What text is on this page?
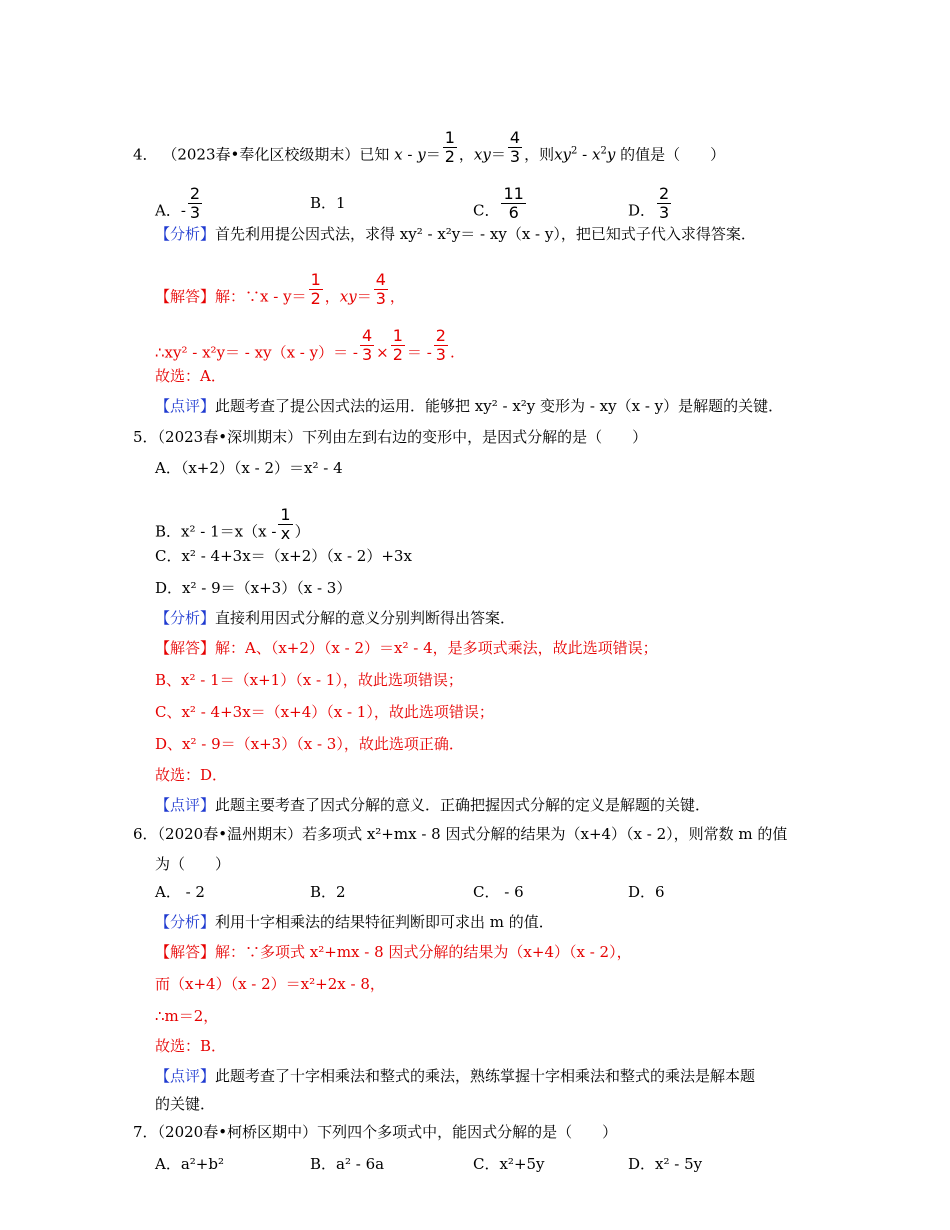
4． （2023春•奉化区校级期末）已知 $x - y= \frac{1}{2}$ ，$xy= \frac{4}{3}$ ，则$xy^2 - x^2y$ 的值是（　　）
A．- $\frac{2}{3}$	B．1	C． $\frac{11}{6}$	D． $\frac{2}{3}$
【分析】首先利用提公因式法，求得 xy² - x²y＝ - xy（x - y），把已知式子代入求得答案．
【解答】解：∵x - $y= \frac{1}{2}$ ，$xy= \frac{4}{3}$ ，
∴xy² - $x^2y= - xy(x - y)= - \frac{4}{3} \times \frac{1}{2}$ ＝ - $\frac{2}{3}$ .
故选：A．
【点评】此题考查了提公因式法的运用．能够把 xy² - x²y 变形为 - xy（x - y）是解题的关键．
5．（2023春•深圳期末）下列由左到右边的变形中，是因式分解的是（　　）
A．（x+2）（x - 2）＝x² - 4
B．$x^2 - 1=x(x - \frac{1}{x}$ ）
C．x² - 4+3x＝（x+2）（x - 2）+3x
D．x² - 9＝（x+3）（x - 3）
【分析】直接利用因式分解的意义分别判断得出答案．
【解答】解：A、（x+2）（x - 2）＝x² - 4，是多项式乘法，故此选项错误；
B、x² - 1＝（x+1）（x - 1），故此选项错误；
C、x² - 4+3x＝（x+4）（x - 1），故此选项错误；
D、x² - 9＝（x+3）（x - 3），故此选项正确．
故选：D．
【点评】此题主要考查了因式分解的意义．正确把握因式分解的定义是解题的关键．
6．（2020春•温州期末）若多项式 x²+mx - 8 因式分解的结果为（x+4）（x - 2），则常数 m 的值
为（　　）
A． - 2	B．2	C． - 6	D．6
【分析】利用十字相乘法的结果特征判断即可求出 m 的值．
【解答】解：∵多项式 x²+mx - 8 因式分解的结果为（x+4）（x - 2），
而（x+4）（x - 2）＝x²+2x - 8，
∴m＝2，
故选：B．
【点评】此题考查了十字相乘法和整式的乘法，熟练掌握十字相乘法和整式的乘法是解本题
的关键．
7．（2020春•柯桥区期中）下列四个多项式中，能因式分解的是（　　）
A．a²+b²	B．a² - 6a	C．x²+5y	D．x² - 5y
